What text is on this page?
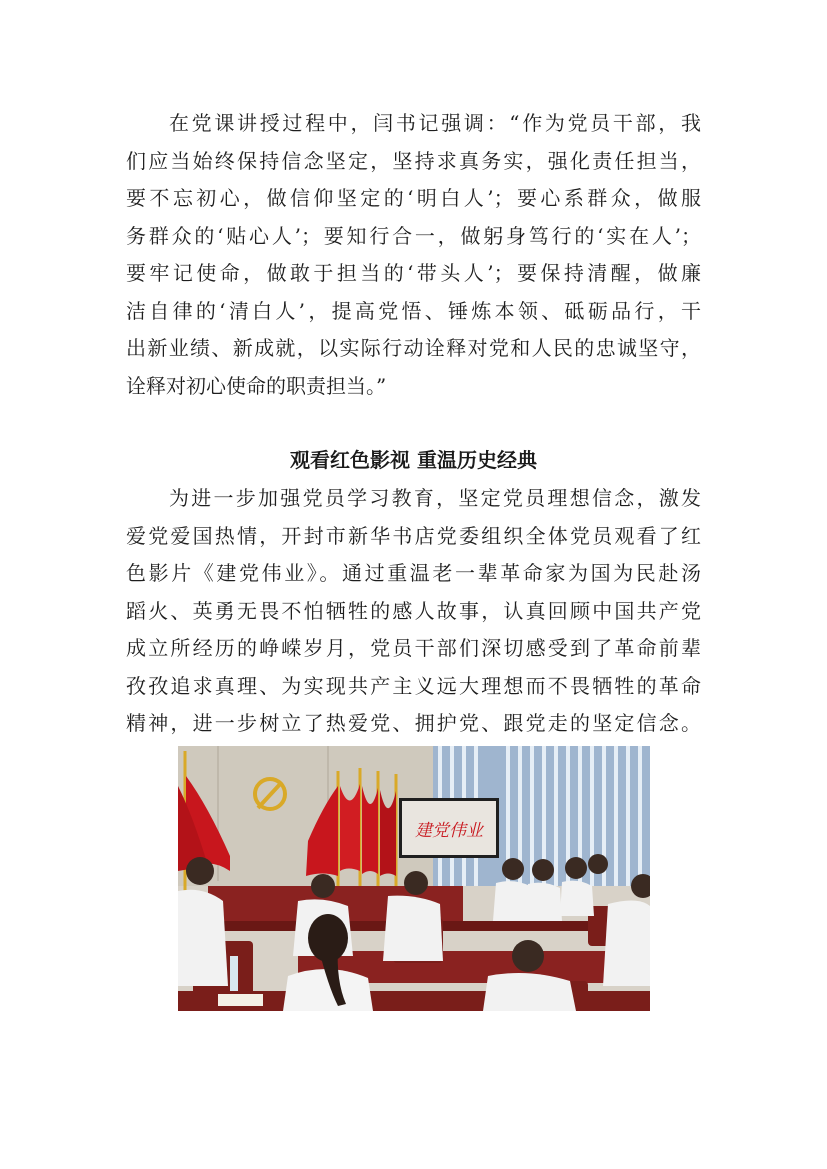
在党课讲授过程中，闫书记强调：“作为党员干部，我
们应当始终保持信念坚定，坚持求真务实，强化责任担当，
要不忘初心，做信仰坚定的‘明白人’；要心系群众，做服
务群众的‘贴心人’；要知行合一，做躬身笃行的‘实在人’；
要牢记使命，做敢于担当的‘带头人’；要保持清醒，做廉
洁自律的‘清白人’，提高党悟、锤炼本领、砥砺品行，干
出新业绩、新成就，以实际行动诠释对党和人民的忠诚坚守，
诠释对初心使命的职责担当。”
观看红色影视 重温历史经典
为进一步加强党员学习教育，坚定党员理想信念，激发
爱党爱国热情，开封市新华书店党委组织全体党员观看了红
色影片《建党伟业》。通过重温老一辈革命家为国为民赴汤
蹈火、英勇无畏不怕牺牲的感人故事，认真回顾中国共产党
成立所经历的峥嵘岁月，党员干部们深切感受到了革命前辈
孜孜追求真理、为实现共产主义远大理想而不畏牺牲的革命
精神，进一步树立了热爱党、拥护党、跟党走的坚定信念。
建党伟业
